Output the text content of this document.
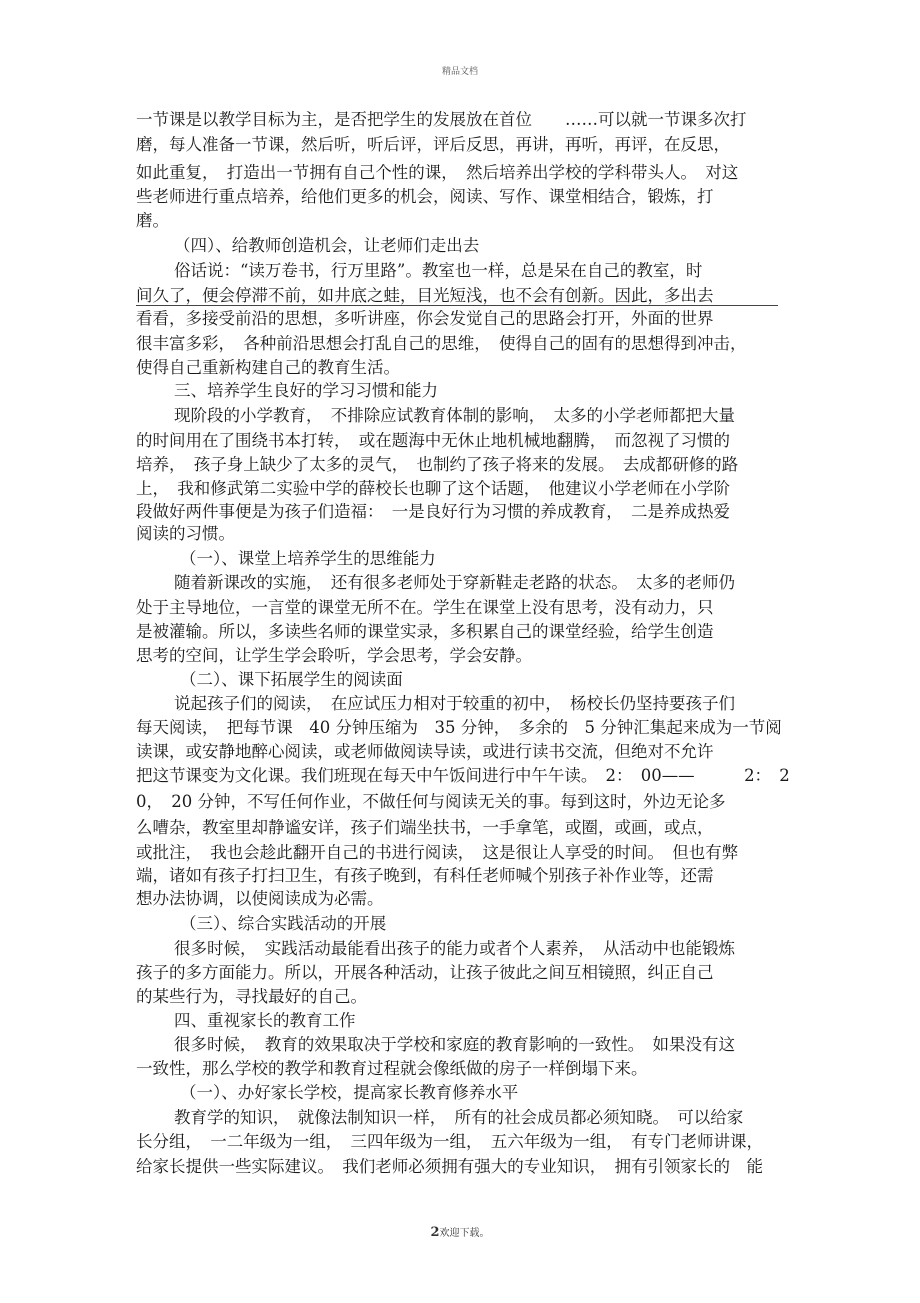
精品文档
一节课是以教学目标为主，是否把学生的发展放在首位　　……可以就一节课多次打
磨，每人准备一节课，然后听，听后评，评后反思，再讲，再听，再评，在反思，
如此重复，　打造出一节拥有自己个性的课，　然后培养出学校的学科带头人。　对这
些老师进行重点培养，给他们更多的机会，阅读、写作、课堂相结合，锻炼，打
磨。
（四）、给教师创造机会，让老师们走出去
俗话说：“读万卷书，行万里路”。教室也一样，总是呆在自己的教室，时
间久了，便会停滞不前，如井底之蛙，目光短浅，也不会有创新。因此，多出去
看看，多接受前沿的思想，多听讲座，你会发觉自己的思路会打开，外面的世界
很丰富多彩，　各种前沿思想会打乱自己的思维，　使得自己的固有的思想得到冲击，
使得自己重新构建自己的教育生活。
三、培养学生良好的学习习惯和能力
现阶段的小学教育，　不排除应试教育体制的影响，　太多的小学老师都把大量
的时间用在了围绕书本打转，　或在题海中无休止地机械地翻腾，　而忽视了习惯的
培养，　孩子身上缺少了太多的灵气，　也制约了孩子将来的发展。　去成都研修的路
上，　我和修武第二实验中学的薛校长也聊了这个话题，　他建议小学老师在小学阶
段做好两件事便是为孩子们造福：　一是良好行为习惯的养成教育，　二是养成热爱
阅读的习惯。
（一）、课堂上培养学生的思维能力
随着新课改的实施，　还有很多老师处于穿新鞋走老路的状态。　太多的老师仍
处于主导地位，一言堂的课堂无所不在。学生在课堂上没有思考，没有动力，只
是被灌输。所以，多读些名师的课堂实录，多积累自己的课堂经验，给学生创造
思考的空间，让学生学会聆听，学会思考，学会安静。
（二）、课下拓展学生的阅读面
说起孩子们的阅读，　在应试压力相对于较重的初中，　杨校长仍坚持要孩子们
每天阅读，　把每节课　40 分钟压缩为　35 分钟，　多余的　5 分钟汇集起来成为一节阅
读课，或安静地醉心阅读，或老师做阅读导读，或进行读书交流，但绝对不允许
把这节课变为文化课。我们班现在每天中午饭间进行中午午读。　2：　00——　　　2：　2
0，　20 分钟，不写任何作业，不做任何与阅读无关的事。每到这时，外边无论多
么嘈杂，教室里却静谧安详，孩子们端坐扶书，一手拿笔，或圈，或画，或点，
或批注，　我也会趁此翻开自己的书进行阅读，　这是很让人享受的时间。　但也有弊
端，诸如有孩子打扫卫生，有孩子晚到，有科任老师喊个别孩子补作业等，还需
想办法协调，以使阅读成为必需。
（三）、综合实践活动的开展
很多时候，　实践活动最能看出孩子的能力或者个人素养，　从活动中也能锻炼
孩子的多方面能力。所以，开展各种活动，让孩子彼此之间互相镜照，纠正自己
的某些行为，寻找最好的自己。
四、重视家长的教育工作
很多时候，　教育的效果取决于学校和家庭的教育影响的一致性。　如果没有这
一致性，那么学校的教学和教育过程就会像纸做的房子一样倒塌下来。
（一）、办好家长学校，提高家长教育修养水平
教育学的知识，　就像法制知识一样，　所有的社会成员都必须知晓。　可以给家
长分组，　一二年级为一组，　三四年级为一组，　五六年级为一组，　有专门老师讲课，
给家长提供一些实际建议。　我们老师必须拥有强大的专业知识，　拥有引领家长的　能
2欢迎下载。
